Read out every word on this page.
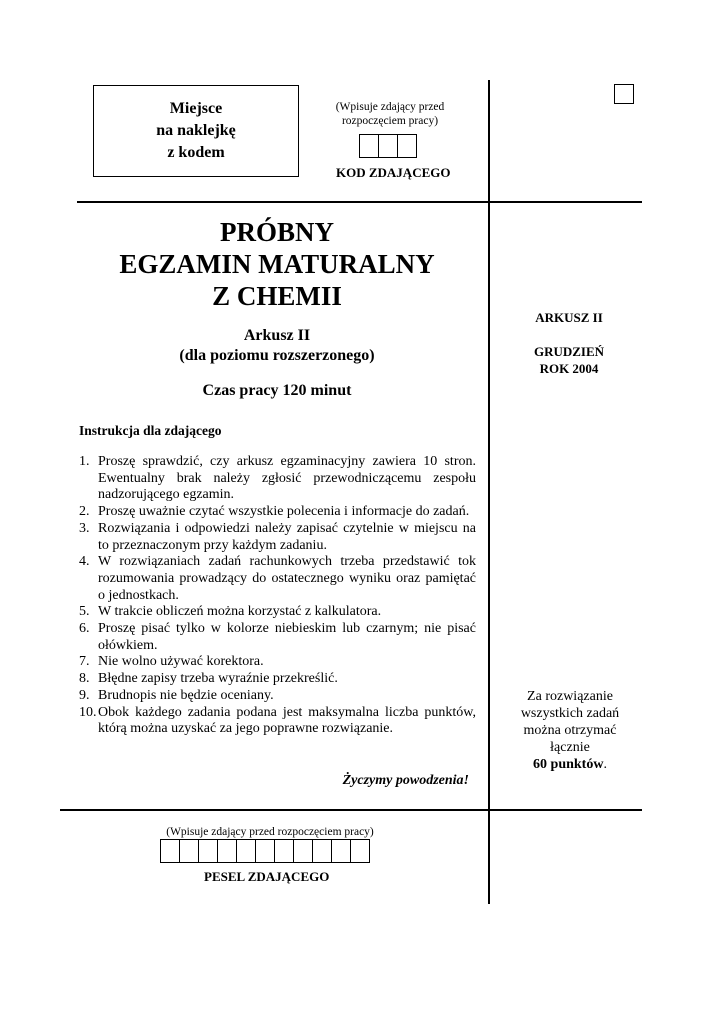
Miejsce
na naklejkę
z kodem
(Wpisuje zdający przed
rozpoczęciem pracy)
KOD ZDAJĄCEGO
PRÓBNY
EGZAMIN MATURALNY
Z CHEMII
Arkusz II
(dla poziomu rozszerzonego)
Czas pracy 120 minut
ARKUSZ II
GRUDZIEŃ
ROK 2004
Za rozwiązanie
wszystkich zadań
można otrzymać
łącznie
60 punktów.
Instrukcja dla zdającego
1. Proszę sprawdzić, czy arkusz egzaminacyjny zawiera 10 stron. Ewentualny brak należy zgłosić przewodniczącemu zespołu nadzorującego egzamin.
2. Proszę uważnie czytać wszystkie polecenia i informacje do zadań.
3. Rozwiązania i odpowiedzi należy zapisać czytelnie w miejscu na to przeznaczonym przy każdym zadaniu.
4. W rozwiązaniach zadań rachunkowych trzeba przedstawić tok rozumowania prowadzący do ostatecznego wyniku oraz pamiętać o jednostkach.
5. W trakcie obliczeń można korzystać z kalkulatora.
6. Proszę pisać tylko w kolorze niebieskim lub czarnym; nie pisać ołówkiem.
7. Nie wolno używać korektora.
8. Błędne zapisy trzeba wyraźnie przekreślić.
9. Brudnopis nie będzie oceniany.
10. Obok każdego zadania podana jest maksymalna liczba punktów, którą można uzyskać za jego poprawne rozwiązanie.
Życzymy powodzenia!
(Wpisuje zdający przed rozpoczęciem pracy)
PESEL ZDAJĄCEGO
